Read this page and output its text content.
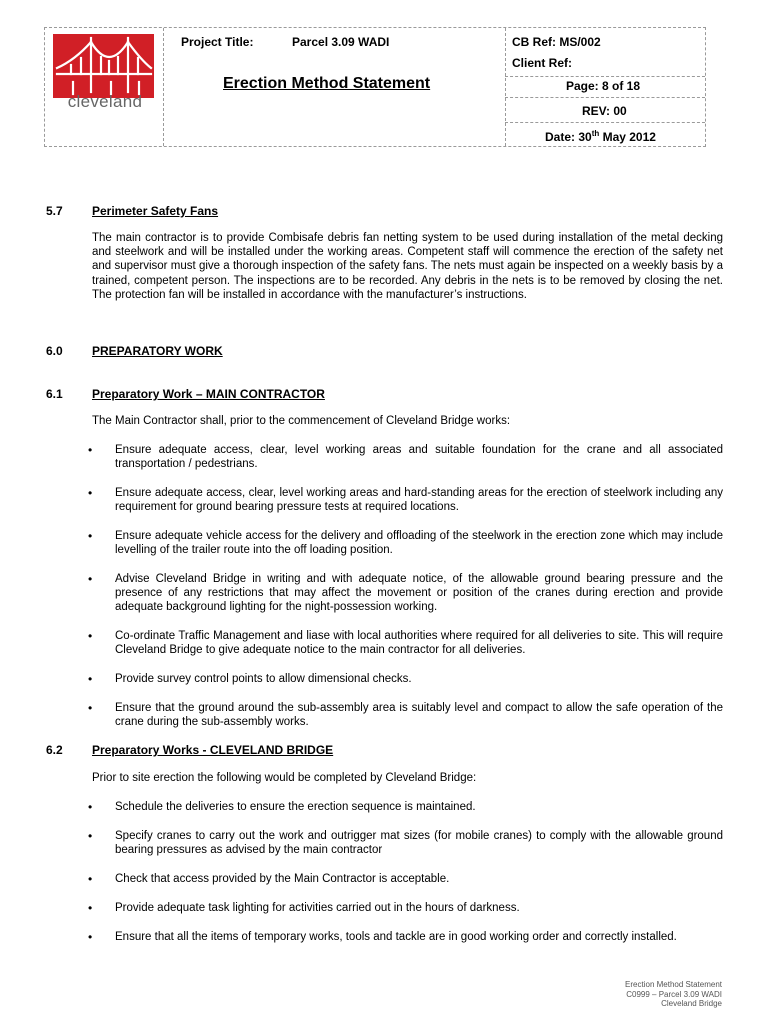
cleveland
Project Title:	Parcel 3.09 WADI
Erection Method Statement
CB Ref: MS/002
Client Ref:
Page: 8 of 18
REV: 00
Date: 30th May 2012
5.7 Perimeter Safety Fans
The main contractor is to provide Combisafe debris fan netting system to be used during installation of the metal decking and steelwork and will be installed under the working areas. Competent staff will commence the erection of the safety net and supervisor must give a thorough inspection of the safety fans. The nets must again be inspected on a weekly basis by a trained, competent person. The inspections are to be recorded. Any debris in the nets is to be removed by closing the net. The protection fan will be installed in accordance with the manufacturer’s instructions.
6.0 PREPARATORY WORK
6.1 Preparatory Work – MAIN CONTRACTOR
The Main Contractor shall, prior to the commencement of Cleveland Bridge works:
• Ensure adequate access, clear, level working areas and suitable foundation for the crane and all associated transportation / pedestrians.
• Ensure adequate access, clear, level working areas and hard-standing areas for the erection of steelwork including any requirement for ground bearing pressure tests at required locations.
• Ensure adequate vehicle access for the delivery and offloading of the steelwork in the erection zone which may include levelling of the trailer route into the off loading position.
• Advise Cleveland Bridge in writing and with adequate notice, of the allowable ground bearing pressure and the presence of any restrictions that may affect the movement or position of the cranes during erection and provide adequate background lighting for the night-possession working.
• Co-ordinate Traffic Management and liase with local authorities where required for all deliveries to site. This will require Cleveland Bridge to give adequate notice to the main contractor for all deliveries.
• Provide survey control points to allow dimensional checks.
• Ensure that the ground around the sub-assembly area is suitably level and compact to allow the safe operation of the crane during the sub-assembly works.
6.2 Preparatory Works - CLEVELAND BRIDGE
Prior to site erection the following would be completed by Cleveland Bridge:
• Schedule the deliveries to ensure the erection sequence is maintained.
• Specify cranes to carry out the work and outrigger mat sizes (for mobile cranes) to comply with the allowable ground bearing pressures as advised by the main contractor
• Check that access provided by the Main Contractor is acceptable.
• Provide adequate task lighting for activities carried out in the hours of darkness.
• Ensure that all the items of temporary works, tools and tackle are in good working order and correctly installed.
Erection Method Statement
C0999 – Parcel 3.09 WADI
Cleveland Bridge
